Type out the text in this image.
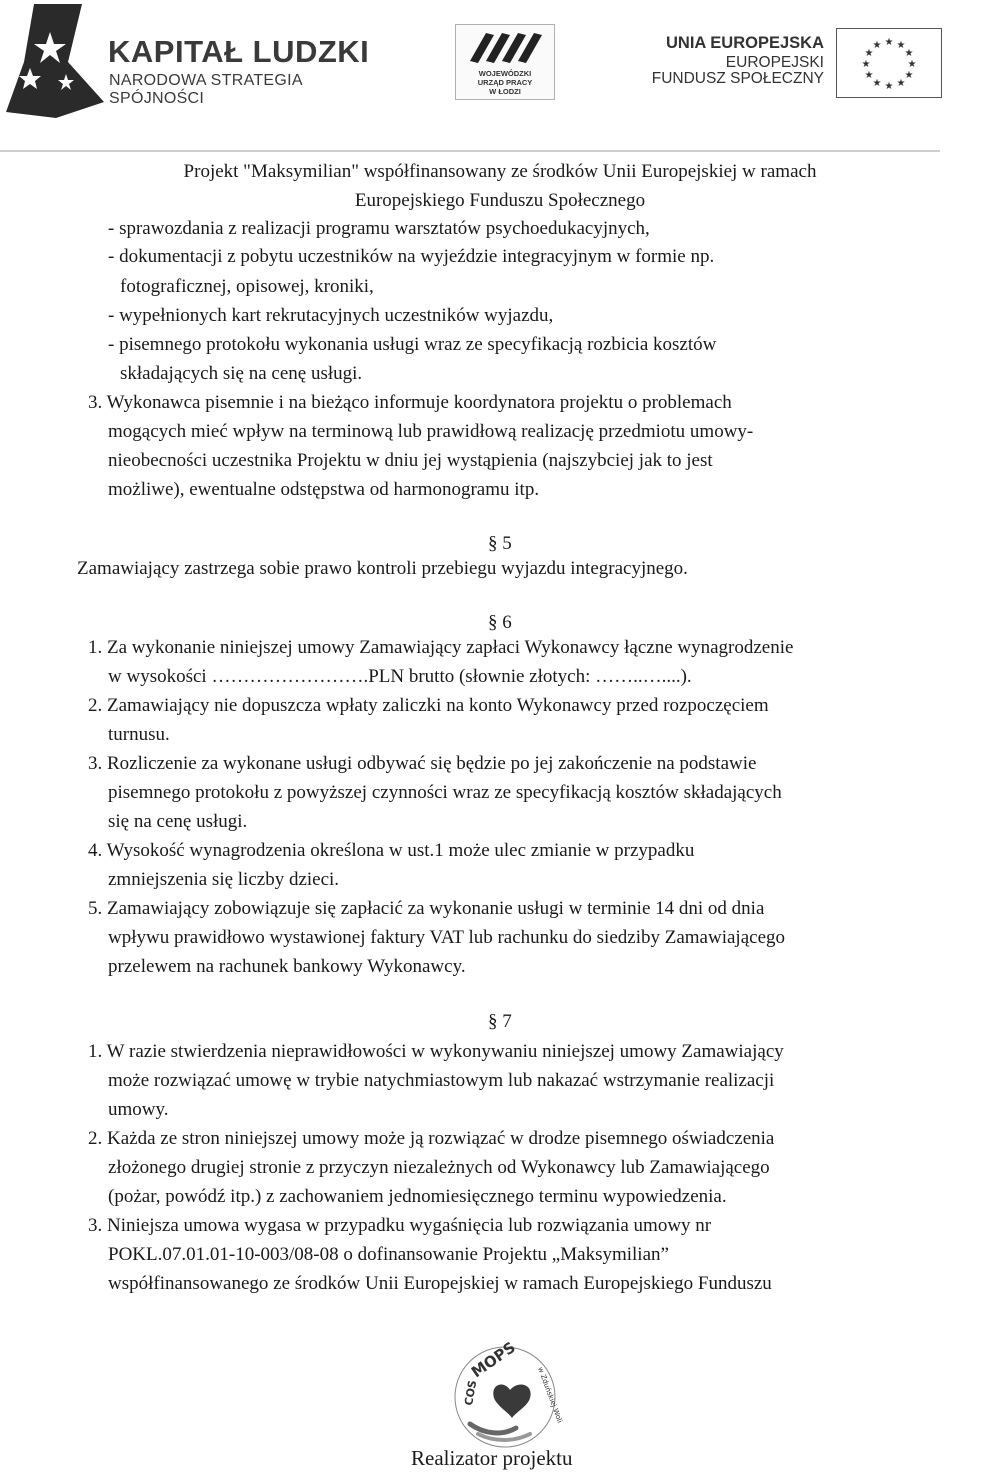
KAPITAŁ LUDZKI
NARODOWA STRATEGIA SPÓJNOŚCI
WOJEWÓDZKI
URZĄD PRACY
W ŁODZI
UNIA EUROPEJSKA
EUROPEJSKI
FUNDUSZ SPOŁECZNY
★ ★
★
★
★
★
★
★
★
★
★
★
Projekt "Maksymilian" współfinansowany ze środków Unii Europejskiej w ramach
Europejskiego Funduszu Społecznego
- sprawozdania z realizacji programu warsztatów psychoedukacyjnych,
- dokumentacji z pobytu uczestników na wyjeździe integracyjnym w formie np.
fotograficznej, opisowej, kroniki,
- wypełnionych kart rekrutacyjnych uczestników wyjazdu,
- pisemnego protokołu wykonania usługi wraz ze specyfikacją rozbicia kosztów
składających się na cenę usługi.
3. Wykonawca pisemnie i na bieżąco informuje koordynatora projektu o problemach
mogących mieć wpływ na terminową lub prawidłową realizację przedmiotu umowy-
nieobecności uczestnika Projektu w dniu jej wystąpienia (najszybciej jak to jest
możliwe), ewentualne odstępstwa od harmonogramu itp.
§ 5
Zamawiający zastrzega sobie prawo kontroli przebiegu wyjazdu integracyjnego.
§ 6
1. Za wykonanie niniejszej umowy Zamawiający zapłaci Wykonawcy łączne wynagrodzenie
w wysokości …………………….PLN brutto (słownie złotych: ……..…....).
2. Zamawiający nie dopuszcza wpłaty zaliczki na konto Wykonawcy przed rozpoczęciem
turnusu.
3. Rozliczenie za wykonane usługi odbywać się będzie po jej zakończenie na podstawie
pisemnego protokołu z powyższej czynności wraz ze specyfikacją kosztów składających
się na cenę usługi.
4. Wysokość wynagrodzenia określona w ust.1 może ulec zmianie w przypadku
zmniejszenia się liczby dzieci.
5. Zamawiający zobowiązuje się zapłacić za wykonanie usługi w terminie 14 dni od dnia
wpływu prawidłowo wystawionej faktury VAT lub rachunku do siedziby Zamawiającego
przelewem na rachunek bankowy Wykonawcy.
§ 7
1. W razie stwierdzenia nieprawidłowości w wykonywaniu niniejszej umowy Zamawiający
może rozwiązać umowę w trybie natychmiastowym lub nakazać wstrzymanie realizacji
umowy.
2. Każda ze stron niniejszej umowy może ją rozwiązać w drodze pisemnego oświadczenia
złożonego drugiej stronie z przyczyn niezależnych od Wykonawcy lub Zamawiającego
(pożar, powódź itp.) z zachowaniem jednomiesięcznego terminu wypowiedzenia.
3. Niniejsza umowa wygasa w przypadku wygaśnięcia lub rozwiązania umowy nr
POKL.07.01.01-10-003/08-08 o dofinansowanie Projektu „Maksymilian”
współfinansowanego ze środków Unii Europejskiej w ramach Europejskiego Funduszu
MOPS
COS	w Zduńskiej Woli
Realizator projektu
